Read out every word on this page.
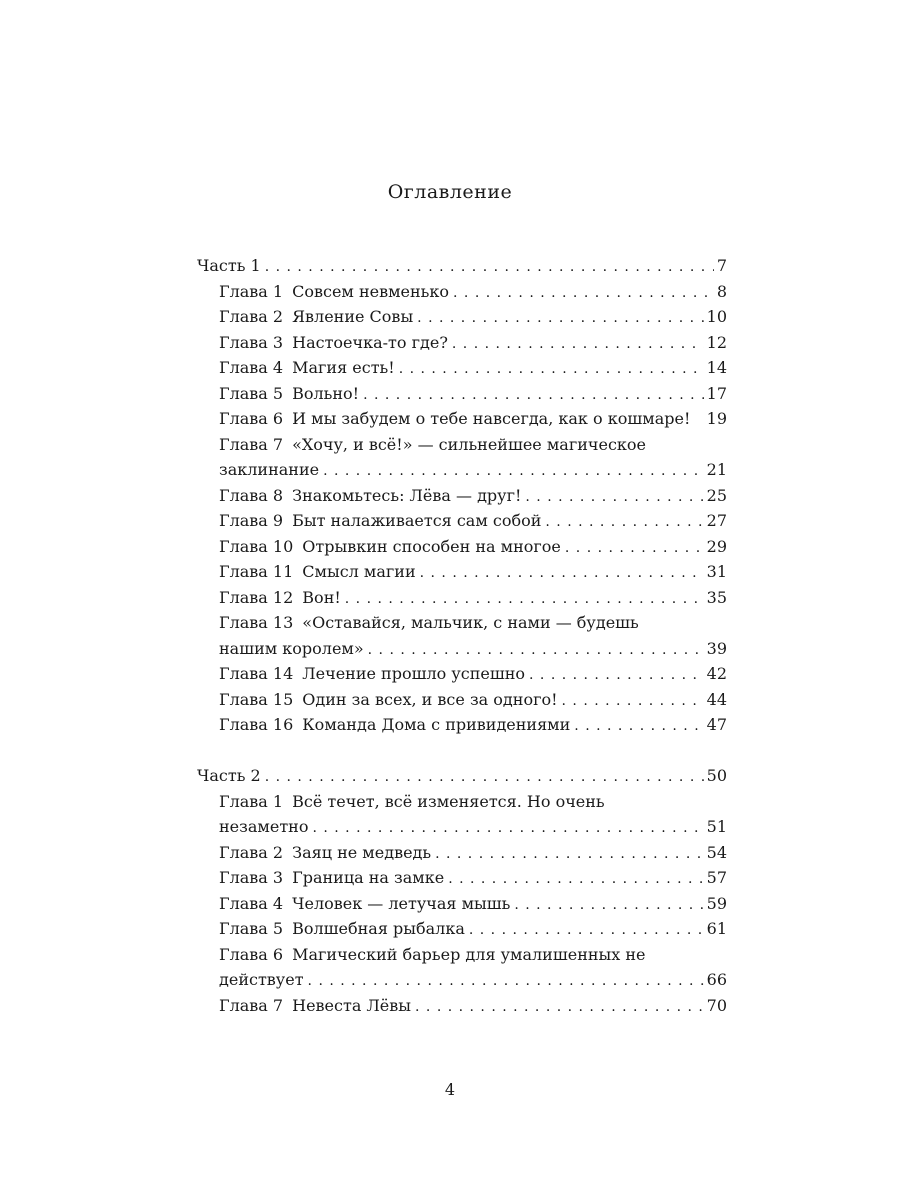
Оглавление
Часть 1 . . .	7
Глава 1 Совсем невменько . . .	8
Глава 2 Явление Совы . . .	10
Глава 3 Настоечка-то где? . . .	12
Глава 4 Магия есть! . . .	14
Глава 5 Вольно! . . .	17
Глава 6 И мы забудем о тебе навсегда, как о кошмаре! 19
Глава 7 «Хочу, и всё!» — сильнейшее магическое
заклинание . . .	21
Глава 8 Знакомьтесь: Лёва — друг! . . .	25
Глава 9 Быт налаживается сам собой . . .	27
Глава 10 Отрывкин способен на многое . . .	29
Глава 11 Смысл магии . . .	31
Глава 12 Вон! . . .	35
Глава 13 «Оставайся, мальчик, с нами — будешь
нашим королем» . . .	39
Глава 14 Лечение прошло успешно . . .	42
Глава 15 Один за всех, и все за одного! . . .	44
Глава 16 Команда Дома с привидениями . . .	47
Часть 2 . . .	50
Глава 1 Всё течет, всё изменяется. Но очень
незаметно . . .	51
Глава 2 Заяц не медведь . . .	54
Глава 3 Граница на замке . . .	57
Глава 4 Человек — летучая мышь . . .	59
Глава 5 Волшебная рыбалка . . .	61
Глава 6 Магический барьер для умалишенных не
действует . . .	66
Глава 7 Невеста Лёвы . . .	70
4
